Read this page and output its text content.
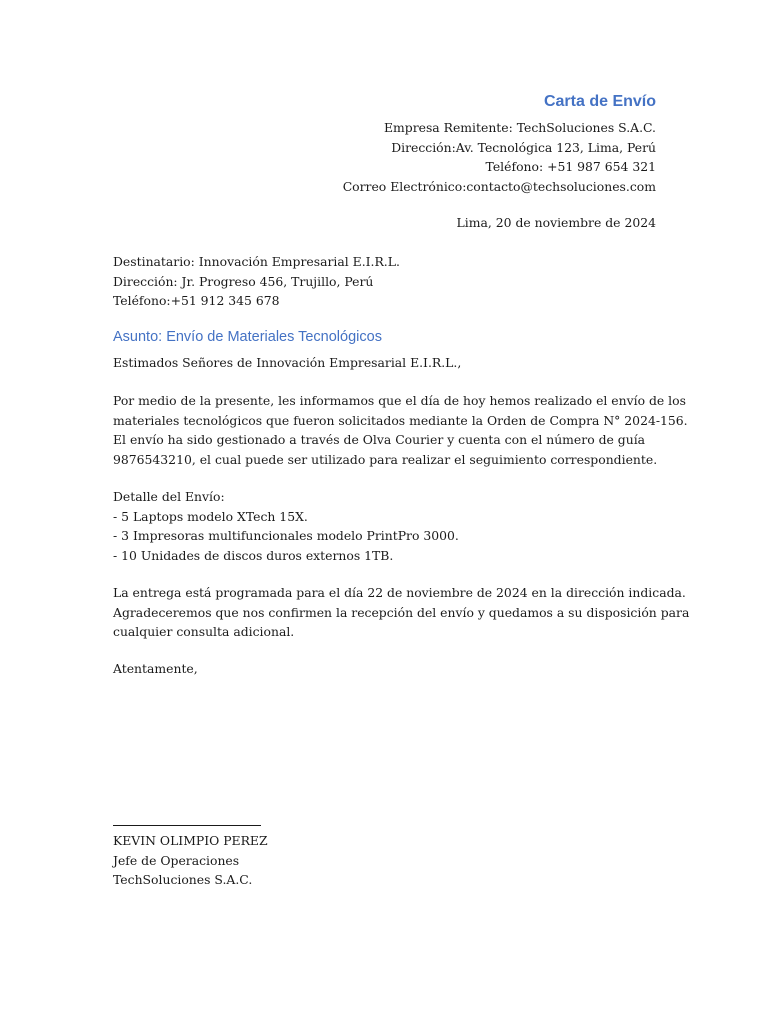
Carta de Envío
Empresa Remitente: TechSoluciones S.A.C.
Dirección:Av. Tecnológica 123, Lima, Perú
Teléfono: +51 987 654 321
Correo Electrónico:contacto@techsoluciones.com
Lima, 20 de noviembre de 2024
Destinatario: Innovación Empresarial E.I.R.L.
Dirección: Jr. Progreso 456, Trujillo, Perú
Teléfono:+51 912 345 678
Asunto: Envío de Materiales Tecnológicos
Estimados Señores de Innovación Empresarial E.I.R.L.,
Por medio de la presente, les informamos que el día de hoy hemos realizado el envío de los
materiales tecnológicos que fueron solicitados mediante la Orden de Compra N° 2024-156.
El envío ha sido gestionado a través de Olva Courier y cuenta con el número de guía
9876543210, el cual puede ser utilizado para realizar el seguimiento correspondiente.
Detalle del Envío:
- 5 Laptops modelo XTech 15X.
- 3 Impresoras multifuncionales modelo PrintPro 3000.
- 10 Unidades de discos duros externos 1TB.
La entrega está programada para el día 22 de noviembre de 2024 en la dirección indicada.
Agradeceremos que nos confirmen la recepción del envío y quedamos a su disposición para
cualquier consulta adicional.
Atentamente,
KEVIN OLIMPIO PEREZ
Jefe de Operaciones
TechSoluciones S.A.C.
